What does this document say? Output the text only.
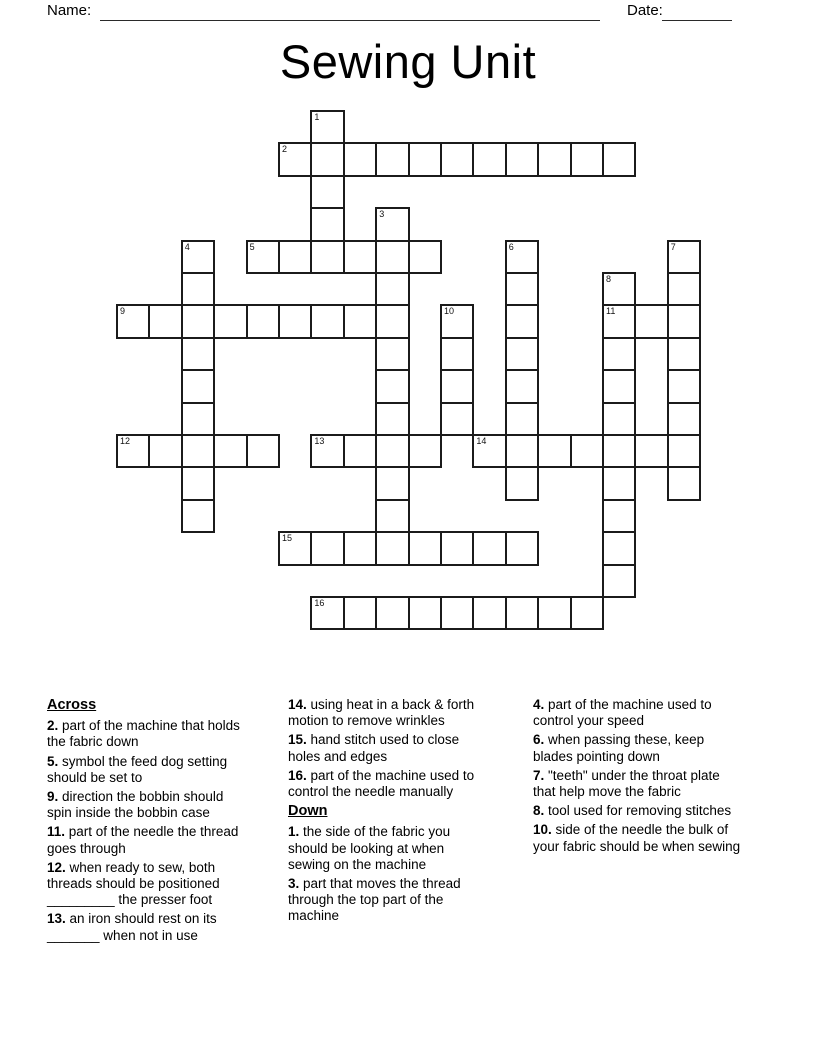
Name:	Date:
Sewing Unit
1
2
3
4	5	6	7
8
9	10	11
12	13	14
15
16
Across
2. part of the machine that holds the fabric down
5. symbol the feed dog setting should be set to
9. direction the bobbin should spin inside the bobbin case
11. part of the needle the thread goes through
12. when ready to sew, both threads should be positioned _________ the presser foot
13. an iron should rest on its _______ when not in use
14. using heat in a back & forth motion to remove wrinkles
15. hand stitch used to close holes and edges
16. part of the machine used to control the needle manually
Down
1. the side of the fabric you should be looking at when sewing on the machine
3. part that moves the thread through the top part of the machine
4. part of the machine used to control your speed
6. when passing these, keep blades pointing down
7. "teeth" under the throat plate that help move the fabric
8. tool used for removing stitches
10. side of the needle the bulk of your fabric should be when sewing
